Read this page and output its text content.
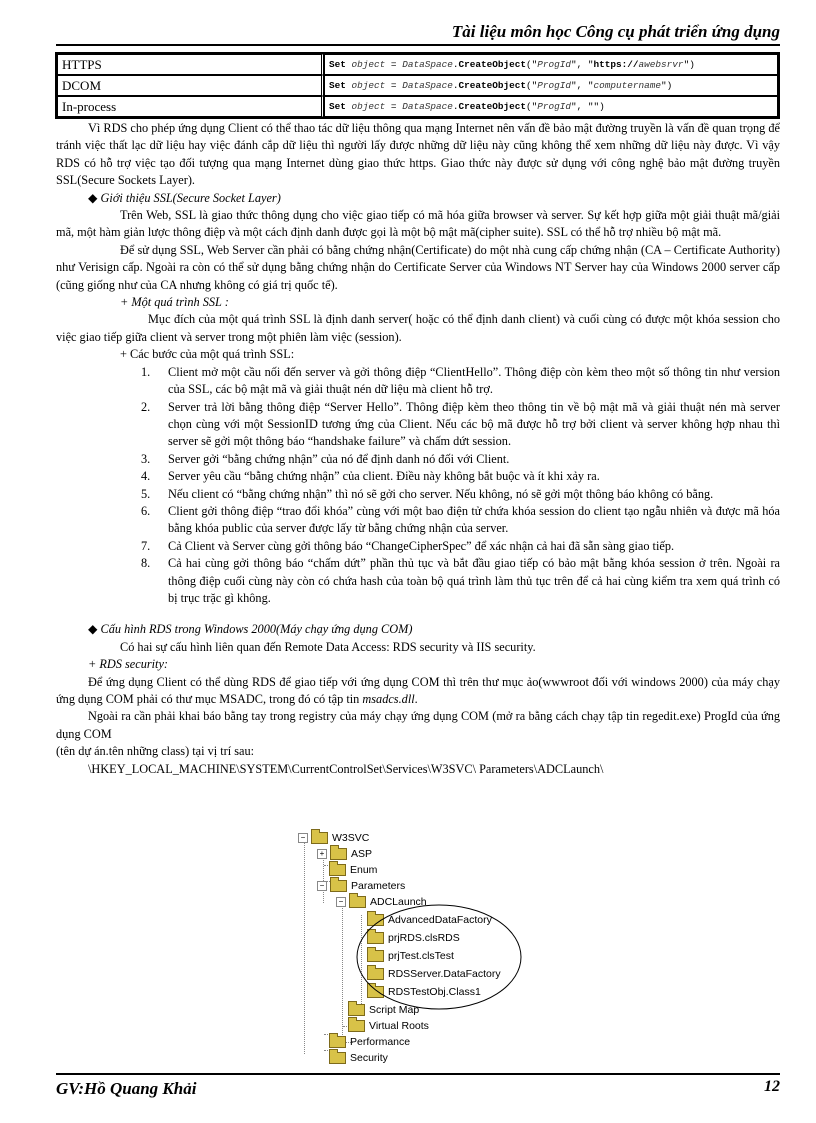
Tài liệu môn học Công cụ phát triển ứng dụng
HTTPS	Set object = DataSpace.CreateObject("ProgId", "https://awebsrvr")
DCOM	Set object = DataSpace.CreateObject("ProgId", "computername")
In-process	Set object = DataSpace.CreateObject("ProgId", "")

Vì RDS cho phép ứng dụng Client có thể thao tác dữ liệu thông qua mạng Internet nên vấn đề bảo mật đường truyền là vấn đề quan trọng để tránh việc thất lạc dữ liệu hay việc đánh cắp dữ liệu thì người lấy được những dữ liệu này cũng không thể xem những dữ liệu này được. Vì vậy RDS có hỗ trợ việc tạo đối tượng qua mạng Internet dùng giao thức https. Giao thức này được sử dụng với công nghệ bảo mật đường truyền SSL(Secure Sockets Layer).

◆ Giới thiệu SSL(Secure Socket Layer)

Trên Web, SSL là giao thức thông dụng cho việc giao tiếp có mã hóa giữa browser và server. Sự kết hợp giữa một giải thuật mã/giải mã, một hàm giản lược thông điệp và một cách định danh được gọi là một bộ mật mã(cipher suite). SSL có thể hỗ trợ nhiều bộ mật mã.

Để sử dụng SSL, Web Server cần phải có bằng chứng nhận(Certificate) do một nhà cung cấp chứng nhận (CA – Certificate Authority) như Verisign cấp. Ngoài ra còn có thể sử dụng bằng chứng nhận do Certificate Server của Windows NT Server hay của Windows 2000 server cấp (cũng giống như của CA nhưng không có giá trị quốc tế).

+ Một quá trình SSL :

Mục đích của một quá trình SSL là định danh server( hoặc có thể định danh client) và cuối cùng có được một khóa session cho việc giao tiếp giữa client và server trong một phiên làm việc (session).

+ Các bước của một quá trình SSL:

1. Client mở một cầu nối đến server và gởi thông điệp “ClientHello”. Thông điệp còn kèm theo một số thông tin như version của SSL, các bộ mật mã và giải thuật nén dữ liệu mà client hỗ trợ.
2. Server trả lời bằng thông điệp “Server Hello”. Thông điệp kèm theo thông tin về bộ mật mã và giải thuật nén mà server chọn cùng với một SessionID tương ứng của Client. Nếu các bộ mã được hỗ trợ bởi client và server không hợp nhau thì server sẽ gởi một thông báo “handshake failure” và chấm dứt session.
3. Server gởi “bằng chứng nhận” của nó để định danh nó đối với Client.
4. Server yêu cầu “bằng chứng nhận” của client. Điều này không bắt buộc và ít khi xảy ra.
5. Nếu client có “bằng chứng nhận” thì nó sẽ gởi cho server. Nếu không, nó sẽ gởi một thông báo không có bằng.
6. Client gởi thông điệp “trao đổi khóa” cùng với một bao điện tử chứa khóa session do client tạo ngẫu nhiên và được mã hóa bằng khóa public của server được lấy từ bằng chứng nhận của server.
7. Cả Client và Server cùng gởi thông báo “ChangeCipherSpec” để xác nhận cả hai đã sẵn sàng giao tiếp.
8. Cả hai cùng gởi thông báo “chấm dứt” phần thủ tục và bắt đầu giao tiếp có bảo mật bằng khóa session ở trên. Ngoài ra thông điệp cuối cùng này còn có chứa hash của toàn bộ quá trình làm thủ tục trên để cả hai cùng kiểm tra xem quá trình có bị trục trặc gì không.

◆ Cấu hình RDS trong Windows 2000(Máy chạy ứng dụng COM)

Có hai sự cấu hình liên quan đến Remote Data Access: RDS security và IIS security.

+ RDS security:

Để ứng dụng Client có thể dùng RDS để giao tiếp với ứng dụng COM thì trên thư mục ảo(wwwroot đối với windows 2000) của máy chạy ứng dụng COM phải có thư mục MSADC, trong đó có tập tin msadcs.dll.

Ngoài ra cần phải khai báo bằng tay trong registry của máy chạy ứng dụng COM (mở ra bằng cách chạy tập tin regedit.exe) ProgId của ứng dụng COM

(tên dự án.tên những class) tại vị trí sau:

\HKEY_LOCAL_MACHINE\SYSTEM\CurrentControlSet\Services\W3SVC\ Parameters\ADCLaunch\

−	W3SVC
+	ASP
Enum
−	Parameters
−	ADCLaunch
AdvancedDataFactory
prjRDS.clsRDS
prjTest.clsTest
RDSServer.DataFactory
RDSTestObj.Class1
Script Map
Virtual Roots
Performance
Security
GV:Hồ Quang Khải	12
